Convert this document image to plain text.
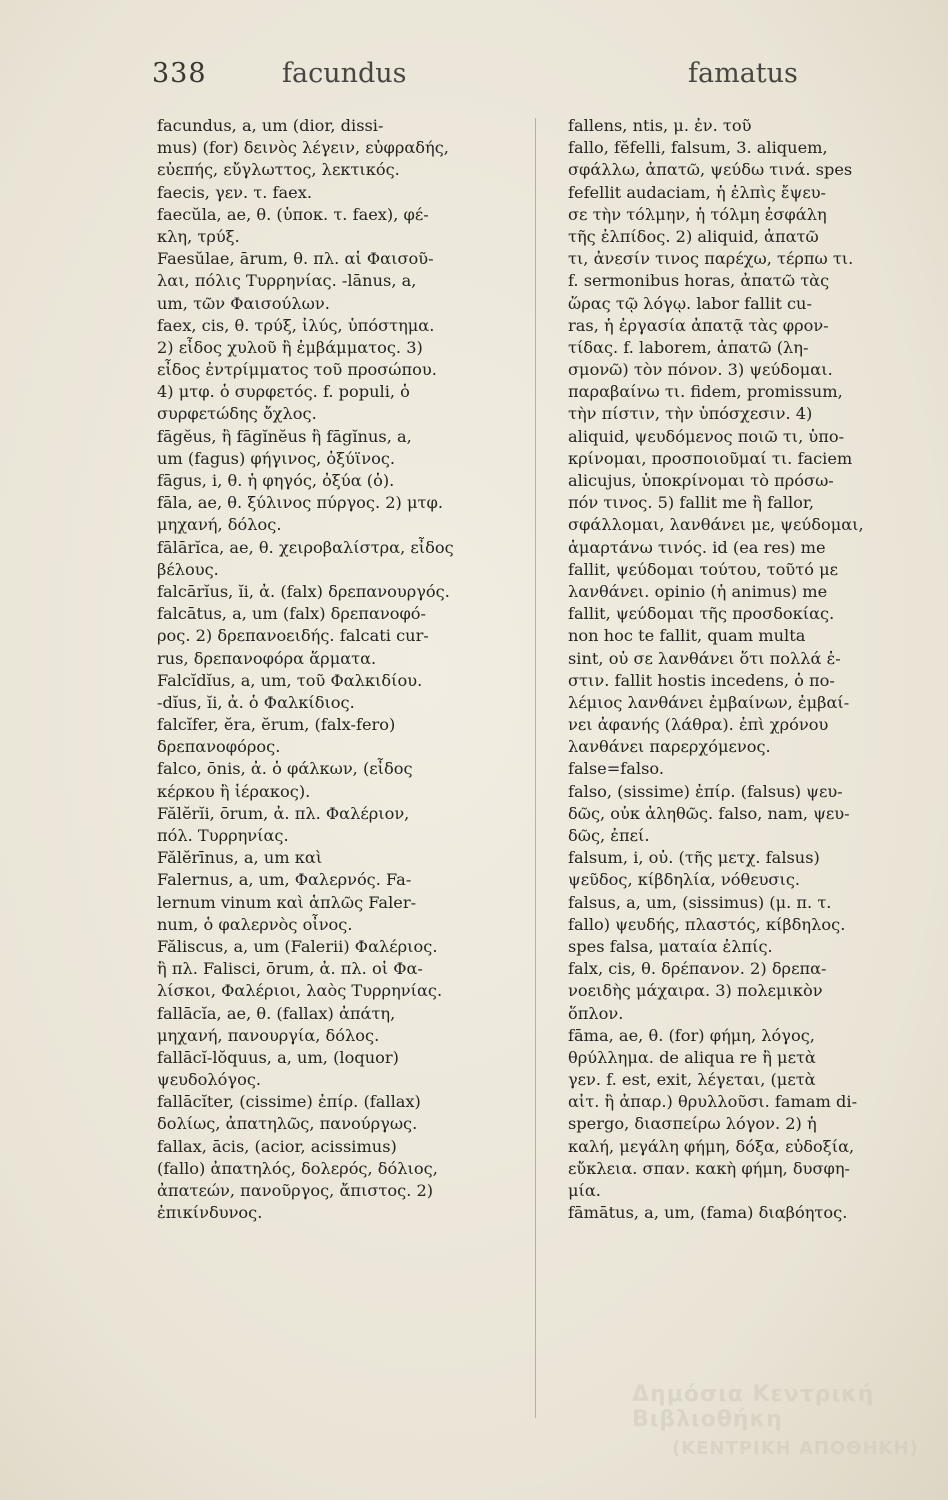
338	facundus	famatus
facundus, a, um (dior, dissi-
mus) (for) δεινὸς λέγειν, εὐφραδής,
εὐεπής, εὔγλωττος, λεκτικός.
faecis, γεν. τ. faex.
faecŭla, ae, θ. (ὑποκ. τ. faex), φέ-
κλη, τρύξ.
Faesŭlae, ārum, θ. πλ. αἱ Φαισοῦ-
λαι, πόλις Τυρρηνίας. -lānus, a,
um, τῶν Φαισούλων.
faex, cis, θ. τρύξ, ἰλύς, ὑπόστημα.
2) εἶδος χυλοῦ ἢ ἐμβάμματος. 3)
εἶδος ἐντρίμματος τοῦ προσώπου.
4) μτφ. ὁ συρφετός. f. populi, ὁ
συρφετώδης ὄχλος.
fāgĕus, ἢ fāgĭnĕus ἢ fāgĭnus, a,
um (fagus) φήγινος, ὀξύϊνος.
fāgus, i, θ. ἡ φηγός, ὀξύα (ὁ).
fāla, ae, θ. ξύλινος πύργος. 2) μτφ.
μηχανή, δόλος.
fālārĭca, ae, θ. χειροβαλίστρα, εἶδος
βέλους.
falcārĭus, ĭi, ἀ. (falx) δρεπανουργός.
falcātus, a, um (falx) δρεπανοφό-
ρος. 2) δρεπανοειδής. falcati cur-
rus, δρεπανοφόρα ἅρματα.
Falcĭdĭus, a, um, τοῦ Φαλκιδίου.
-dĭus, ĭi, ἀ. ὁ Φαλκίδιος.
falcĭfer, ĕra, ĕrum, (falx-fero)
δρεπανοφόρος.
falco, ōnis, ἀ. ὁ φάλκων, (εἶδος
κέρκου ἢ ἱέρακος).
Fălĕrĭi, ōrum, ἀ. πλ. Φαλέριον,
πόλ. Τυρρηνίας.
Fălĕrīnus, a, um καὶ
Falernus, a, um, Φαλερνός. Fa-
lernum vinum καὶ ἁπλῶς Faler-
num, ὁ φαλερνὸς οἶνος.
Făliscus, a, um (Falerii) Φαλέριος.
ἢ πλ. Falisci, ōrum, ἀ. πλ. οἱ Φα-
λίσκοι, Φαλέριοι, λαὸς Τυρρηνίας.
fallācĭa, ae, θ. (fallax) ἀπάτη,
μηχανή, πανουργία, δόλος.
fallācĭ-lŏquus, a, um, (loquor)
ψευδολόγος.
fallācĭter, (cissime) ἐπίρ. (fallax)
δολίως, ἀπατηλῶς, πανούργως.
fallax, ācis, (acior, acissimus)
(fallo) ἀπατηλός, δολερός, δόλιος,
ἀπατεών, πανοῦργος, ἄπιστος. 2)
ἐπικίνδυνος.
fallens, ntis, μ. ἐν. τοῦ
fallo, fĕfelli, falsum, 3. aliquem,
σφάλλω, ἀπατῶ, ψεύδω τινά. spes
fefellit audaciam, ἡ ἐλπὶς ἔψευ-
σε τὴν τόλμην, ἡ τόλμη ἐσφάλη
τῆς ἐλπίδος. 2) aliquid, ἀπατῶ
τι, ἀνεσίν τινος παρέχω, τέρπω τι.
f. sermonibus horas, ἀπατῶ τὰς
ὥρας τῷ λόγῳ. labor fallit cu-
ras, ἡ ἐργασία ἀπατᾷ τὰς φρον-
τίδας. f. laborem, ἀπατῶ (λη-
σμονῶ) τὸν πόνον. 3) ψεύδομαι.
παραβαίνω τι. fidem, promissum,
τὴν πίστιν, τὴν ὑπόσχεσιν. 4)
aliquid, ψευδόμενος ποιῶ τι, ὑπο-
κρίνομαι, προσποιοῦμαί τι. faciem
alicujus, ὑποκρίνομαι τὸ πρόσω-
πόν τινος. 5) fallit me ἢ fallor,
σφάλλομαι, λανθάνει με, ψεύδομαι,
ἁμαρτάνω τινός. id (ea res) me
fallit, ψεύδομαι τούτου, τοῦτό με
λανθάνει. opinio (ἡ animus) me
fallit, ψεύδομαι τῆς προσδοκίας.
non hoc te fallit, quam multa
sint, οὐ σε λανθάνει ὅτι πολλά ἐ-
στιν. fallit hostis incedens, ὁ πο-
λέμιος λανθάνει ἐμβαίνων, ἐμβαί-
νει ἀφανής (λάθρα). ἐπὶ χρόνου
λανθάνει παρερχόμενος.
false=falso.
falso, (sissime) ἐπίρ. (falsus) ψευ-
δῶς, οὐκ ἀληθῶς. falso, nam, ψευ-
δῶς, ἐπεί.
falsum, i, οὐ. (τῆς μετχ. falsus)
ψεῦδος, κίβδηλία, νόθευσις.
falsus, a, um, (sissimus) (μ. π. τ.
fallo) ψευδής, πλαστός, κίβδηλος.
spes falsa, ματαία ἐλπίς.
falx, cis, θ. δρέπανον. 2) δρεπα-
νοειδὴς μάχαιρα. 3) πολεμικὸν
ὅπλον.
fāma, ae, θ. (for) φήμη, λόγος,
θρύλλημα. de aliqua re ἢ μετὰ
γεν. f. est, exit, λέγεται, (μετὰ
αἰτ. ἢ ἀπαρ.) θρυλλοῦσι. famam di-
spergo, διασπείρω λόγον. 2) ἡ
καλή, μεγάλη φήμη, δόξα, εὐδοξία,
εὔκλεια. σπαν. κακὴ φήμη, δυσφη-
μία.
fāmātus, a, um, (fama) διαβόητος.
Δημόσια Κεντρική Βιβλιοθήκη
(ΚΕΝΤΡΙΚΗ ΑΠΟΘΗΚΗ)
